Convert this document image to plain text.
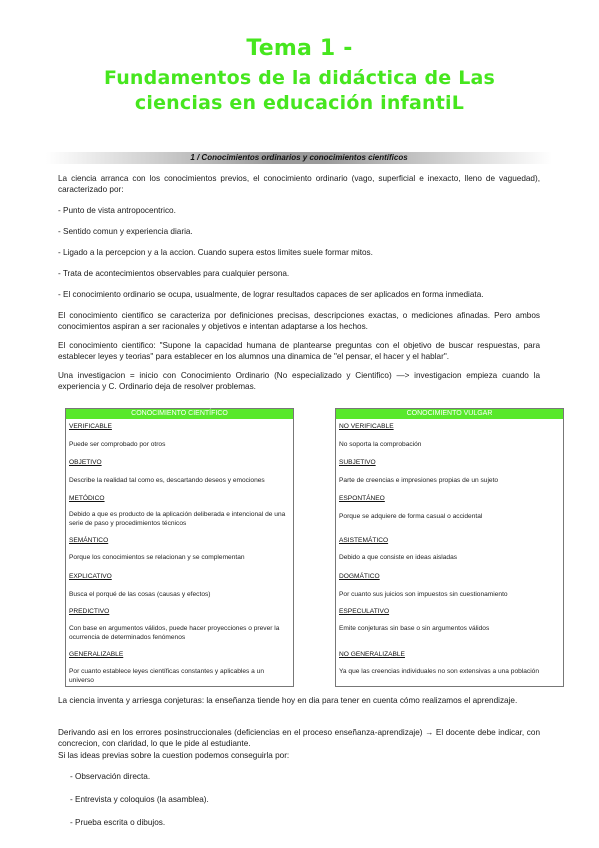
Tema 1 -
Fundamentos de la didáctica de Las ciencias en educación infantiL
1 / Conocimientos ordinarios y conocimientos científicos
La ciencia arranca con los conocimientos previos, el conocimiento ordinario (vago, superficial e inexacto, lleno de vaguedad), caracterizado por:
- Punto de vista antropocentrico.
- Sentido comun y experiencia diaria.
- Ligado a la percepcion y a la accion. Cuando supera estos limites suele formar mitos.
- Trata de acontecimientos observables para cualquier persona.
- El conocimiento ordinario se ocupa, usualmente, de lograr resultados capaces de ser aplicados en forma inmediata.
El conocimiento cientifico se caracteriza por definiciones precisas, descripciones exactas, o mediciones afinadas. Pero ambos conocimientos aspiran a ser racionales y objetivos e intentan adaptarse a los hechos.
El conocimiento cientifico: "Supone la capacidad humana de plantearse preguntas con el objetivo de buscar respuestas, para establecer leyes y teorias" para establecer en los alumnos una dinamica de "el pensar, el hacer y el hablar".
Una investigacion = inicio con Conocimiento Ordinario (No especializado y Cientifico) —> investigacion empieza cuando la experiencia y C. Ordinario deja de resolver problemas.
CONOCIMIENTO CIENTÍFICO
VERIFICABLE
Puede ser comprobado por otros
OBJETIVO
Describe la realidad tal como es, descartando deseos y emociones
METÓDICO
Debido a que es producto de la aplicación deliberada e intencional de una serie de paso y procedimientos técnicos
SEMÁNTICO
Porque los conocimientos se relacionan y se complementan
EXPLICATIVO
Busca el porqué de las cosas (causas y efectos)
PREDICTIVO
Con base en argumentos válidos, puede hacer proyecciones o prever la ocurrencia de determinados fenómenos
GENERALIZABLE
Por cuanto establece leyes científicas constantes y aplicables a un universo
CONOCIMIENTO VULGAR
NO VERIFICABLE
No soporta la comprobación
SUBJETIVO
Parte de creencias e impresiones propias de un sujeto
ESPONTÁNEO
Porque se adquiere de forma casual o accidental
ASISTEMÁTICO
Debido a que consiste en ideas aisladas
DOGMÁTICO
Por cuanto sus juicios son impuestos sin cuestionamiento
ESPECULATIVO
Emite conjeturas sin base o sin argumentos válidos
NO GENERALIZABLE
Ya que las creencias individuales no son extensivas a una población
La ciencia inventa y arriesga conjeturas: la enseñanza tiende hoy en dia para tener en cuenta cómo realizamos el aprendizaje.
Derivando asi en los errores posinstruccionales (deficiencias en el proceso enseñanza-aprendizaje) → El docente debe indicar, con concrecion, con claridad, lo que le pide al estudiante.
Si las ideas previas sobre la cuestion podemos conseguirla por:
- Observación directa.
- Entrevista y coloquios (la asamblea).
- Prueba escrita o dibujos.
